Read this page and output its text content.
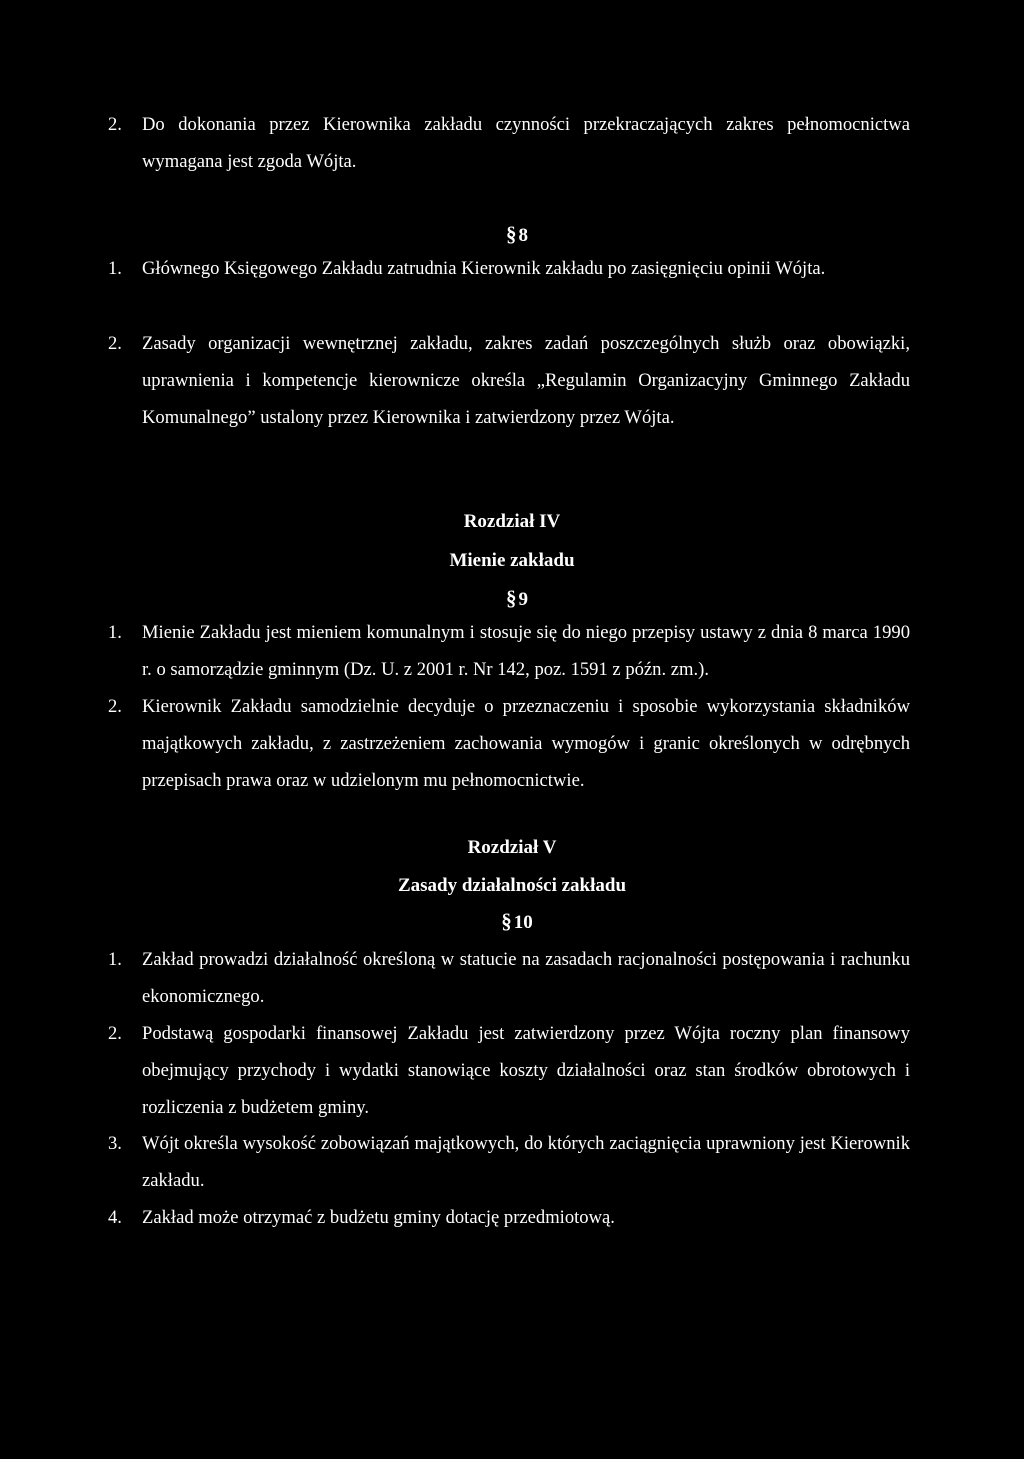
2. Do dokonania przez Kierownika zakładu czynności przekraczających zakres pełnomocnictwa wymagana jest zgoda Wójta.
§ 8
1. Głównego Księgowego Zakładu zatrudnia Kierownik zakładu po zasięgnięciu opinii Wójta.
2. Zasady organizacji wewnętrznej zakładu, zakres zadań poszczególnych służb oraz obowiązki, uprawnienia i kompetencje kierownicze określa „Regulamin Organizacyjny Gminnego Zakładu Komunalnego” ustalony przez Kierownika i zatwierdzony przez Wójta.
Rozdział IV
Mienie zakładu
§ 9
1. Mienie Zakładu jest mieniem komunalnym i stosuje się do niego przepisy ustawy z dnia 8 marca 1990 r. o samorządzie gminnym (Dz. U. z 2001 r. Nr 142, poz. 1591 z późn. zm.).
2. Kierownik Zakładu samodzielnie decyduje o przeznaczeniu i sposobie wykorzystania składników majątkowych zakładu, z zastrzeżeniem zachowania wymogów i granic określonych w odrębnych przepisach prawa oraz w udzielonym mu pełnomocnictwie.
Rozdział V
Zasady działalności zakładu
§ 10
1. Zakład prowadzi działalność określoną w statucie na zasadach racjonalności postępowania i rachunku ekonomicznego.
2. Podstawą gospodarki finansowej Zakładu jest zatwierdzony przez Wójta roczny plan finansowy obejmujący przychody i wydatki stanowiące koszty działalności oraz stan środków obrotowych i rozliczenia z budżetem gminy.
3. Wójt określa wysokość zobowiązań majątkowych, do których zaciągnięcia uprawniony jest Kierownik zakładu.
4. Zakład może otrzymać z budżetu gminy dotację przedmiotową.
